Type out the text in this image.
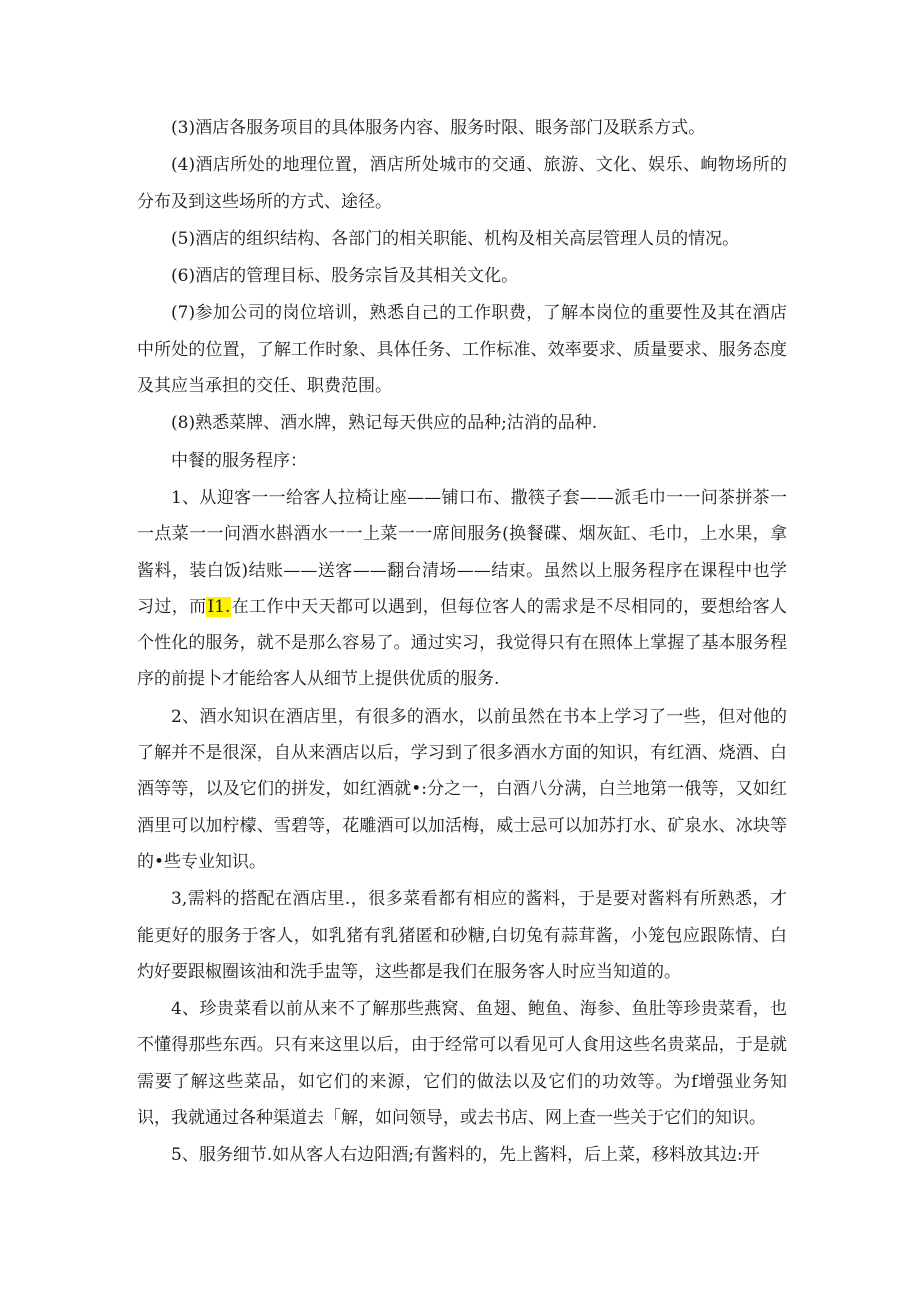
(3)酒店各服务项目的具体服务内容、服务时限、眼务部门及联系方式。

(4)酒店所处的地理位置，酒店所处城市的交通、旅游、文化、娱乐、峋物场所的分布及到这些场所的方式、途径。

(5)酒店的组织结构、各部门的相关职能、机构及相关高层管理人员的情况。

(6)酒店的管理目标、股务宗旨及其相关文化。

(7)参加公司的岗位培训，熟悉自己的工作职费，了解本岗位的重要性及其在酒店中所处的位置，了解工作时象、具体任务、工作标准、效率要求、质量要求、服务态度及其应当承担的交任、职费范围。

(8)熟悉菜牌、酒水牌，熟记每天供应的品种;沽消的品种.

中餐的服务程序：

1、从迎客一一给客人拉椅让座——铺口布、撒筷子套——派毛巾一一问茶拼茶一一点菜一一问酒水斟酒水一一上菜一一席间服务(换餐碟、烟灰缸、毛巾，上水果，拿酱料，装白饭)结账——送客——翻台清场——结束。虽然以上服务程序在课程中也学习过，而I1.在工作中天天都可以遇到，但每位客人的需求是不尽相同的，要想给客人个性化的服务，就不是那么容易了。通过实习，我觉得只有在照体上掌握了基本服务程序的前提卜才能给客人从细节上提供优质的服务.

2、酒水知识在酒店里，有很多的酒水，以前虽然在书本上学习了一些，但对他的了解并不是很深，自从来酒店以后，学习到了很多酒水方面的知识，有红酒、烧酒、白酒等等，以及它们的拼发，如红酒就•:分之一，白酒八分满，白兰地第一俄等，又如红酒里可以加柠檬、雪碧等，花雕酒可以加活梅，威士忌可以加苏打水、矿泉水、冰块等的•些专业知识。

3,需料的搭配在酒店里.，很多菜看都有相应的酱料，于是要对酱料有所熟悉，才能更好的服务于客人，如乳猪有乳猪匿和砂糖,白切兔有蒜茸酱，小笼包应跟陈情、白灼好要跟椒圈该油和洗手盅等，这些都是我们在服务客人时应当知道的。

4、珍贵菜看以前从来不了解那些燕窝、鱼翅、鲍鱼、海参、鱼肚等珍贵菜看，也不懂得那些东西。只有来这里以后，由于经常可以看见可人食用这些名贵菜品，于是就需要了解这些菜品，如它们的来源，它们的做法以及它们的功效等。为f增强业务知识，我就通过各种渠道去「解，如问领导，或去书店、网上查一些关于它们的知识。

5、服务细节.如从客人右边阳酒;有酱料的，先上酱料，后上菜，移料放其边:开
